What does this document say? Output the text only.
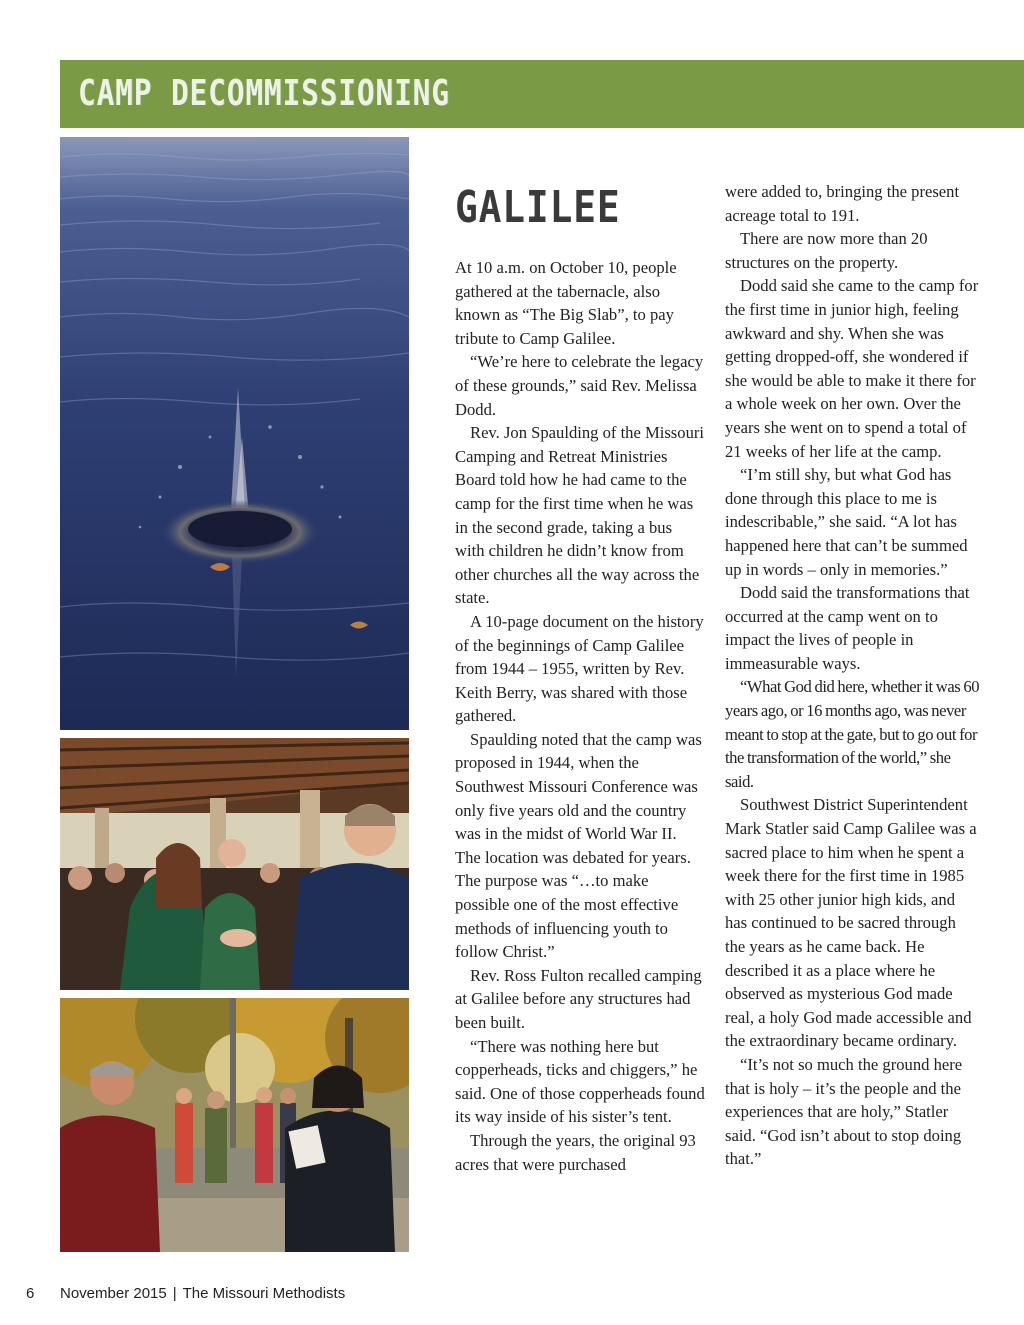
CAMP DECOMMISSIONING
GALILEE

At 10 a.m. on October 10, people gathered at the tabernacle, also known as “The Big Slab”, to pay tribute to Camp Galilee.

“We’re here to celebrate the legacy of these grounds,” said Rev. Melissa Dodd.

Rev. Jon Spaulding of the Missouri Camping and Retreat Ministries Board told how he had came to the camp for the first time when he was in the second grade, taking a bus with children he didn’t know from other churches all the way across the state.

A 10-page document on the history of the beginnings of Camp Galilee from 1944 – 1955, written by Rev. Keith Berry, was shared with those gathered.

Spaulding noted that the camp was proposed in 1944, when the Southwest Missouri Conference was only five years old and the country was in the midst of World War II. The location was debated for years. The purpose was “…to make possible one of the most effective methods of influencing youth to follow Christ.”

Rev. Ross Fulton recalled camping at Galilee before any structures had been built.

“There was nothing here but copperheads, ticks and chiggers,” he said. One of those copperheads found its way inside of his sister’s tent.

Through the years, the original 93 acres that were purchased

were added to, bringing the present acreage total to 191.

There are now more than 20 structures on the property.

Dodd said she came to the camp for the first time in junior high, feeling awkward and shy. When she was getting dropped-off, she wondered if she would be able to make it there for a whole week on her own. Over the years she went on to spend a total of 21 weeks of her life at the camp.

“I’m still shy, but what God has done through this place to me is indescribable,” she said. “A lot has happened here that can’t be summed up in words – only in memories.”

Dodd said the transformations that occurred at the camp went on to impact the lives of people in immeasurable ways.

“What God did here, whether it was 60 years ago, or 16 months ago, was never meant to stop at the gate, but to go out for the transformation of the world,” she said.

Southwest District Superintendent Mark Statler said Camp Galilee was a sacred place to him when he spent a week there for the first time in 1985 with 25 other junior high kids, and has continued to be sacred through the years as he came back. He described it as a place where he observed as mysterious God made real, a holy God made accessible and the extraordinary became ordinary.

“It’s not so much the ground here that is holy – it’s the people and the experiences that are holy,” Statler said. “God isn’t about to stop doing that.”

6 November 2015 | The Missouri Methodists
